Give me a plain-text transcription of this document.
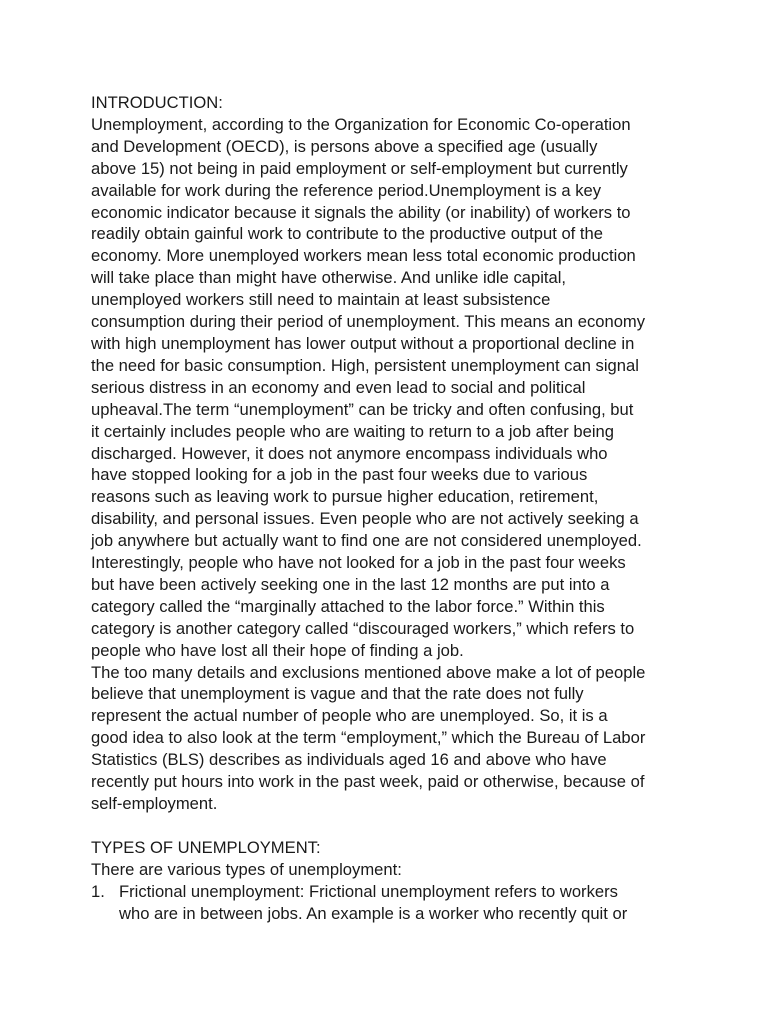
INTRODUCTION:

Unemployment, according to the Organization for Economic Co-operation
and Development (OECD), is persons above a specified age (usually
above 15) not being in paid employment or self-employment but currently
available for work during the reference period.Unemployment is a key
economic indicator because it signals the ability (or inability) of workers to
readily obtain gainful work to contribute to the productive output of the
economy. More unemployed workers mean less total economic production
will take place than might have otherwise. And unlike idle capital,
unemployed workers still need to maintain at least subsistence
consumption during their period of unemployment. This means an economy
with high unemployment has lower output without a proportional decline in
the need for basic consumption. High, persistent unemployment can signal
serious distress in an economy and even lead to social and political
upheaval.The term “unemployment” can be tricky and often confusing, but
it certainly includes people who are waiting to return to a job after being
discharged. However, it does not anymore encompass individuals who
have stopped looking for a job in the past four weeks due to various
reasons such as leaving work to pursue higher education, retirement,
disability, and personal issues. Even people who are not actively seeking a
job anywhere but actually want to find one are not considered unemployed.
Interestingly, people who have not looked for a job in the past four weeks
but have been actively seeking one in the last 12 months are put into a
category called the “marginally attached to the labor force.” Within this
category is another category called “discouraged workers,” which refers to
people who have lost all their hope of finding a job.

The too many details and exclusions mentioned above make a lot of people
believe that unemployment is vague and that the rate does not fully
represent the actual number of people who are unemployed. So, it is a
good idea to also look at the term “employment,” which the Bureau of Labor
Statistics (BLS) describes as individuals aged 16 and above who have
recently put hours into work in the past week, paid or otherwise, because of
self-employment.

TYPES OF UNEMPLOYMENT:

There are various types of unemployment:

1. Frictional unemployment: Frictional unemployment refers to workers
who are in between jobs. An example is a worker who recently quit or
